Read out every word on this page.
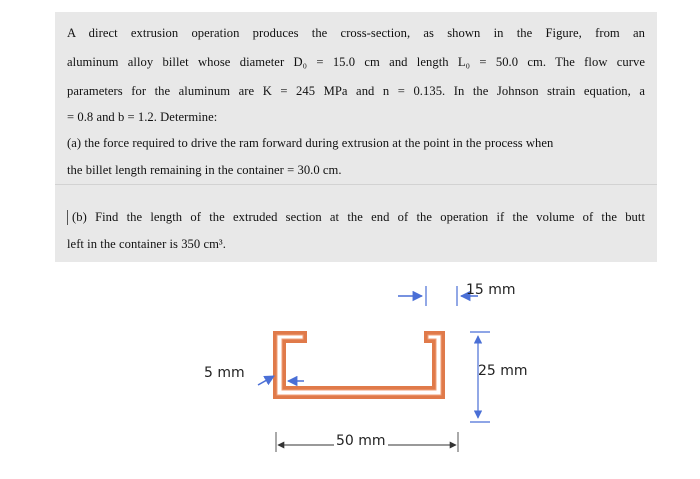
A direct extrusion operation produces the cross-section, as shown in the Figure, from an
aluminum alloy billet whose diameter D₀ = 15.0 cm and length L₀ = 50.0 cm. The flow curve
parameters for the aluminum are K = 245 MPa and n = 0.135. In the Johnson strain equation, a
= 0.8 and b = 1.2. Determine:
(a) the force required to drive the ram forward during extrusion at the point in the process when
the billet length remaining in the container = 30.0 cm.
(b) Find the length of the extruded section at the end of the operation if the volume of the butt
left in the container is 350 cm³.
15 mm
25 mm
5 mm
50 mm
